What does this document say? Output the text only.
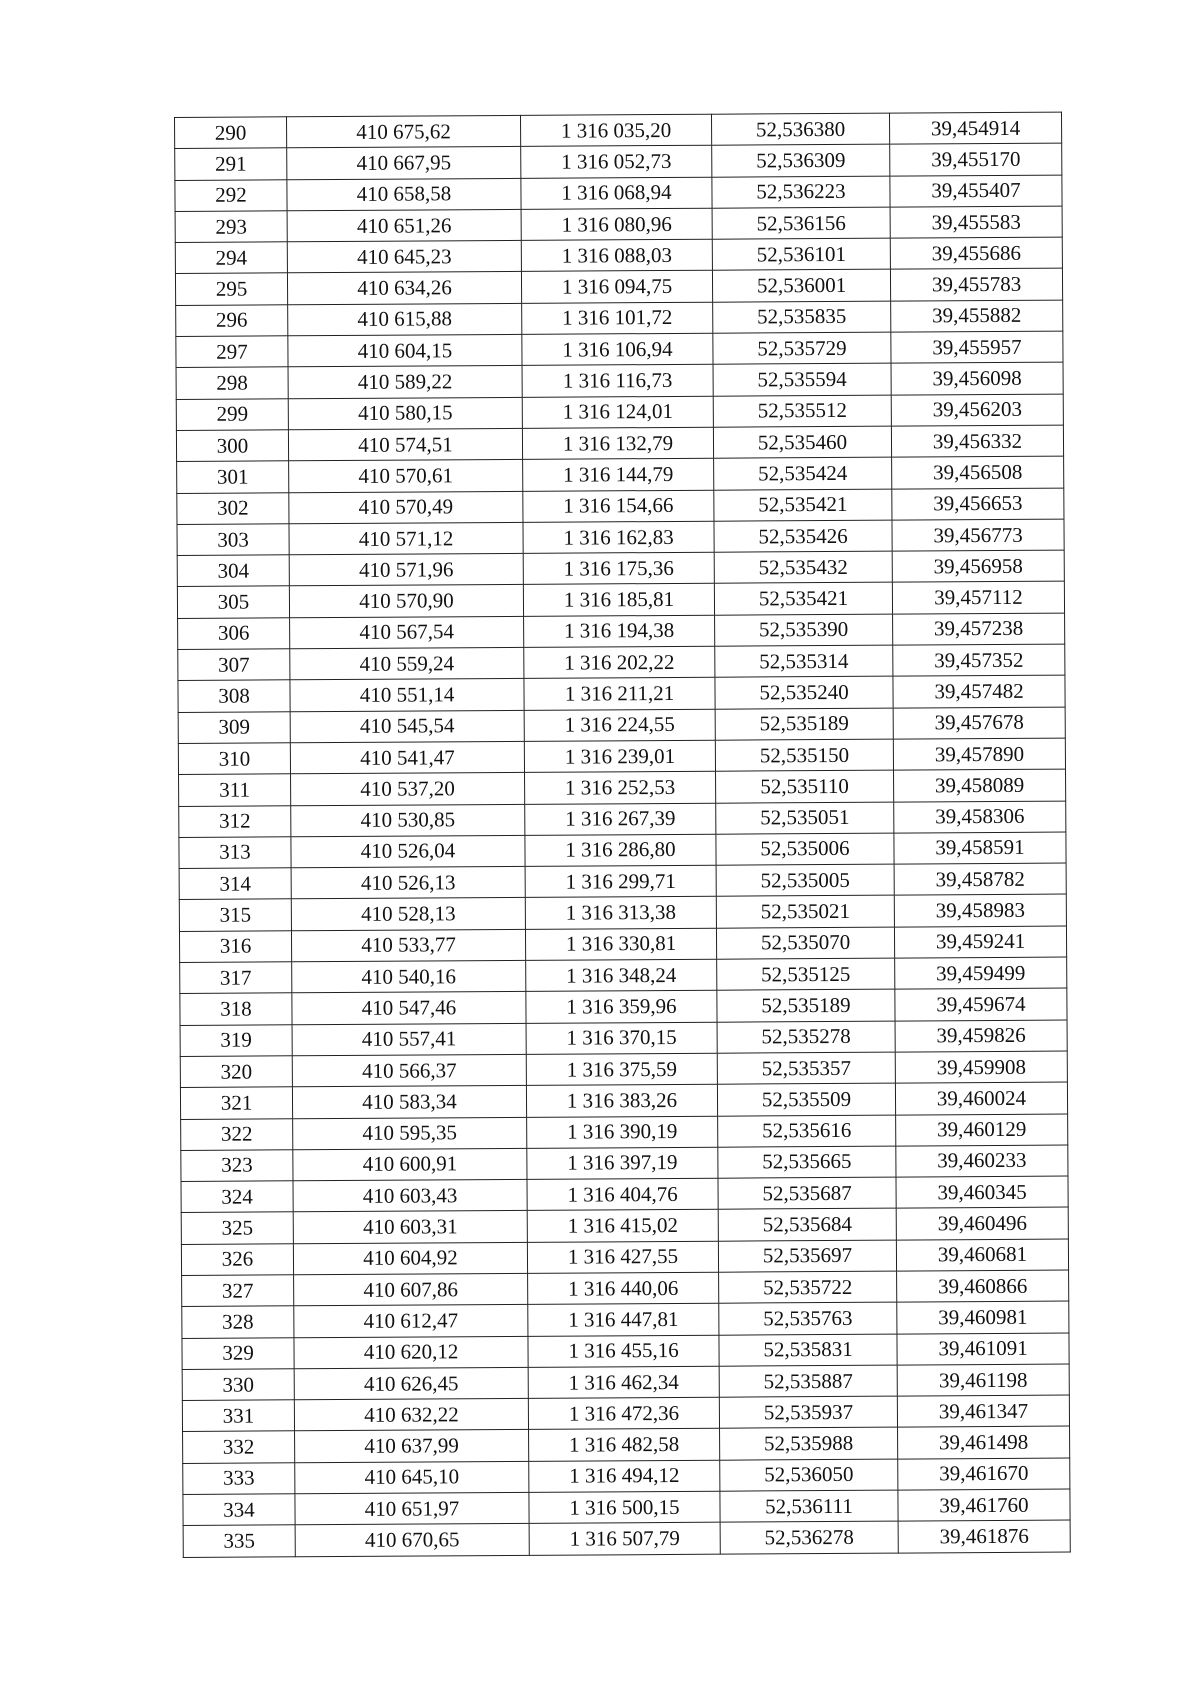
290	410 675,62	1 316 035,20	52,536380	39,454914
291	410 667,95	1 316 052,73	52,536309	39,455170
292	410 658,58	1 316 068,94	52,536223	39,455407
293	410 651,26	1 316 080,96	52,536156	39,455583
294	410 645,23	1 316 088,03	52,536101	39,455686
295	410 634,26	1 316 094,75	52,536001	39,455783
296	410 615,88	1 316 101,72	52,535835	39,455882
297	410 604,15	1 316 106,94	52,535729	39,455957
298	410 589,22	1 316 116,73	52,535594	39,456098
299	410 580,15	1 316 124,01	52,535512	39,456203
300	410 574,51	1 316 132,79	52,535460	39,456332
301	410 570,61	1 316 144,79	52,535424	39,456508
302	410 570,49	1 316 154,66	52,535421	39,456653
303	410 571,12	1 316 162,83	52,535426	39,456773
304	410 571,96	1 316 175,36	52,535432	39,456958
305	410 570,90	1 316 185,81	52,535421	39,457112
306	410 567,54	1 316 194,38	52,535390	39,457238
307	410 559,24	1 316 202,22	52,535314	39,457352
308	410 551,14	1 316 211,21	52,535240	39,457482
309	410 545,54	1 316 224,55	52,535189	39,457678
310	410 541,47	1 316 239,01	52,535150	39,457890
311	410 537,20	1 316 252,53	52,535110	39,458089
312	410 530,85	1 316 267,39	52,535051	39,458306
313	410 526,04	1 316 286,80	52,535006	39,458591
314	410 526,13	1 316 299,71	52,535005	39,458782
315	410 528,13	1 316 313,38	52,535021	39,458983
316	410 533,77	1 316 330,81	52,535070	39,459241
317	410 540,16	1 316 348,24	52,535125	39,459499
318	410 547,46	1 316 359,96	52,535189	39,459674
319	410 557,41	1 316 370,15	52,535278	39,459826
320	410 566,37	1 316 375,59	52,535357	39,459908
321	410 583,34	1 316 383,26	52,535509	39,460024
322	410 595,35	1 316 390,19	52,535616	39,460129
323	410 600,91	1 316 397,19	52,535665	39,460233
324	410 603,43	1 316 404,76	52,535687	39,460345
325	410 603,31	1 316 415,02	52,535684	39,460496
326	410 604,92	1 316 427,55	52,535697	39,460681
327	410 607,86	1 316 440,06	52,535722	39,460866
328	410 612,47	1 316 447,81	52,535763	39,460981
329	410 620,12	1 316 455,16	52,535831	39,461091
330	410 626,45	1 316 462,34	52,535887	39,461198
331	410 632,22	1 316 472,36	52,535937	39,461347
332	410 637,99	1 316 482,58	52,535988	39,461498
333	410 645,10	1 316 494,12	52,536050	39,461670
334	410 651,97	1 316 500,15	52,536111	39,461760
335	410 670,65	1 316 507,79	52,536278	39,461876
